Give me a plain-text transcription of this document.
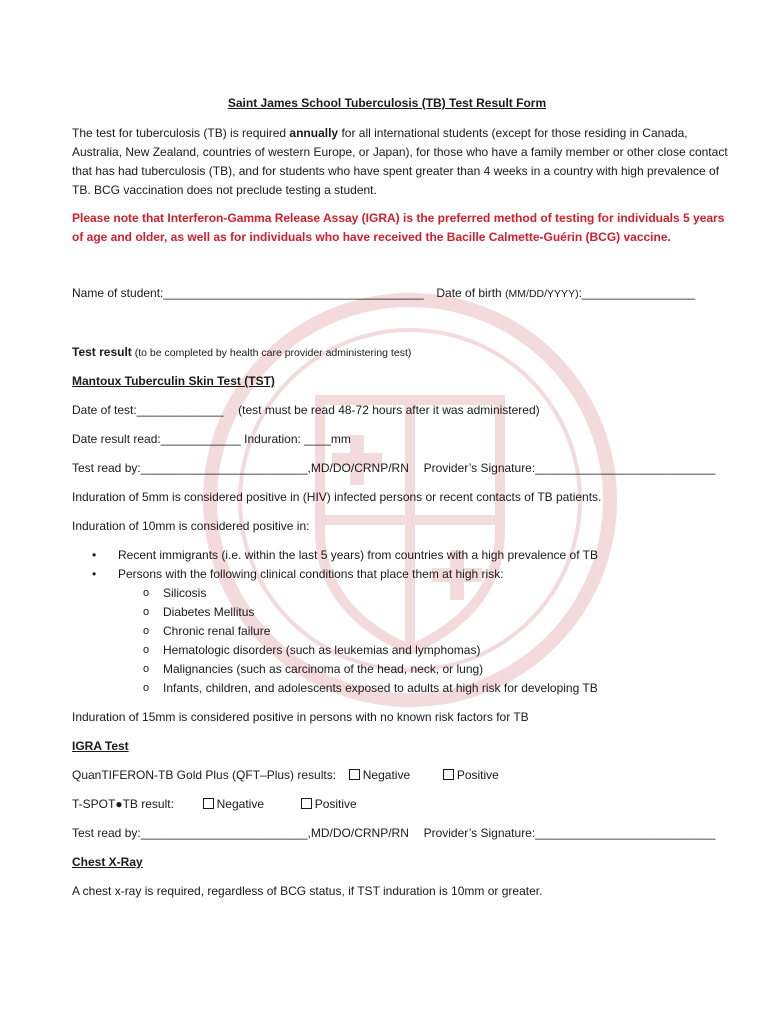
Saint James School Tuberculosis (TB) Test Result Form

The test for tuberculosis (TB) is required annually for all international students (except for those residing in Canada, Australia, New Zealand, countries of western Europe, or Japan), for those who have a family member or other close contact that has had tuberculosis (TB), and for students who have spent greater than 4 weeks in a country with high prevalence of TB. BCG vaccination does not preclude testing a student.

Please note that Interferon-Gamma Release Assay (IGRA) is the preferred method of testing for individuals 5 years of age and older, as well as for individuals who have received the Bacille Calmette-Guérin (BCG) vaccine.

Name of student:_______________________________________ Date of birth (MM/DD/YYYY):_________________

Test result (to be completed by health care provider administering test)

Mantoux Tuberculin Skin Test (TST)

Date of test:_____________ (test must be read 48-72 hours after it was administered)

Date result read:____________ Induration: ____mm

Test read by:_________________________,MD/DO/CRNP/RN Provider’s Signature:___________________________

Induration of 5mm is considered positive in (HIV) infected persons or recent contacts of TB patients.

Induration of 10mm is considered positive in:

• Recent immigrants (i.e. within the last 5 years) from countries with a high prevalence of TB
• Persons with the following clinical conditions that place them at high risk:
o Silicosis
o Diabetes Mellitus
o Chronic renal failure
o Hematologic disorders (such as leukemias and lymphomas)
o Malignancies (such as carcinoma of the head, neck, or lung)
o Infants, children, and adolescents exposed to adults at high risk for developing TB

Induration of 15mm is considered positive in persons with no known risk factors for TB

IGRA Test

QuanTIFERON-TB Gold Plus (QFT–Plus) results: Negative	Positive

T-SPOT●TB result:	Negative	Positive

Test read by:_________________________,MD/DO/CRNP/RN Provider’s Signature:___________________________

Chest X-Ray

A chest x-ray is required, regardless of BCG status, if TST induration is 10mm or greater.
